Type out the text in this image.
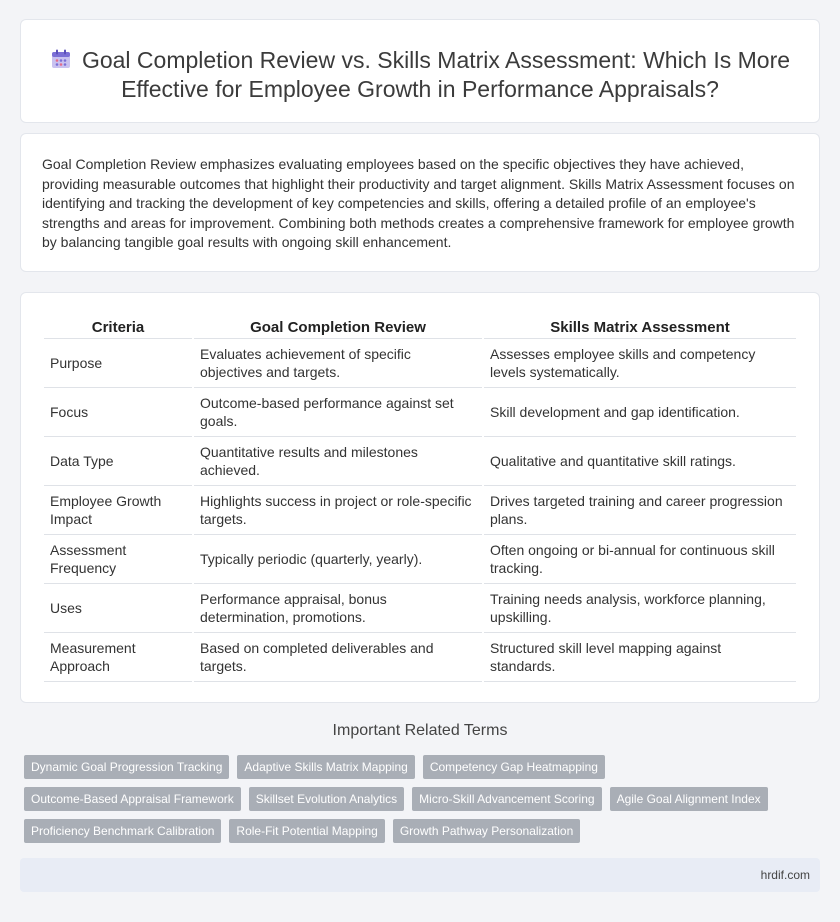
Goal Completion Review vs. Skills Matrix Assessment: Which Is More Effective for Employee Growth in Performance Appraisals?

Goal Completion Review emphasizes evaluating employees based on the specific objectives they have achieved, providing measurable outcomes that highlight their productivity and target alignment. Skills Matrix Assessment focuses on identifying and tracking the development of key competencies and skills, offering a detailed profile of an employee's strengths and areas for improvement. Combining both methods creates a comprehensive framework for employee growth by balancing tangible goal results with ongoing skill enhancement.

Criteria	Goal Completion Review	Skills Matrix Assessment
Purpose	Evaluates achievement of specific objectives and targets.	Assesses employee skills and competency levels systematically.
Focus	Outcome-based performance against set goals.	Skill development and gap identification.
Data Type	Quantitative results and milestones achieved.	Qualitative and quantitative skill ratings.
Employee Growth Impact	Highlights success in project or role-specific targets.	Drives targeted training and career progression plans.
Assessment Frequency	Typically periodic (quarterly, yearly).	Often ongoing or bi-annual for continuous skill tracking.
Uses	Performance appraisal, bonus determination, promotions.	Training needs analysis, workforce planning, upskilling.
Measurement Approach	Based on completed deliverables and targets.	Structured skill level mapping against standards.
Important Related Terms
Dynamic Goal Progression Tracking	Adaptive Skills Matrix Mapping	Competency Gap Heatmapping
Outcome-Based Appraisal Framework	Skillset Evolution Analytics	Micro-Skill Advancement Scoring	Agile Goal Alignment Index
Proficiency Benchmark Calibration	Role-Fit Potential Mapping	Growth Pathway Personalization
hrdif.com
